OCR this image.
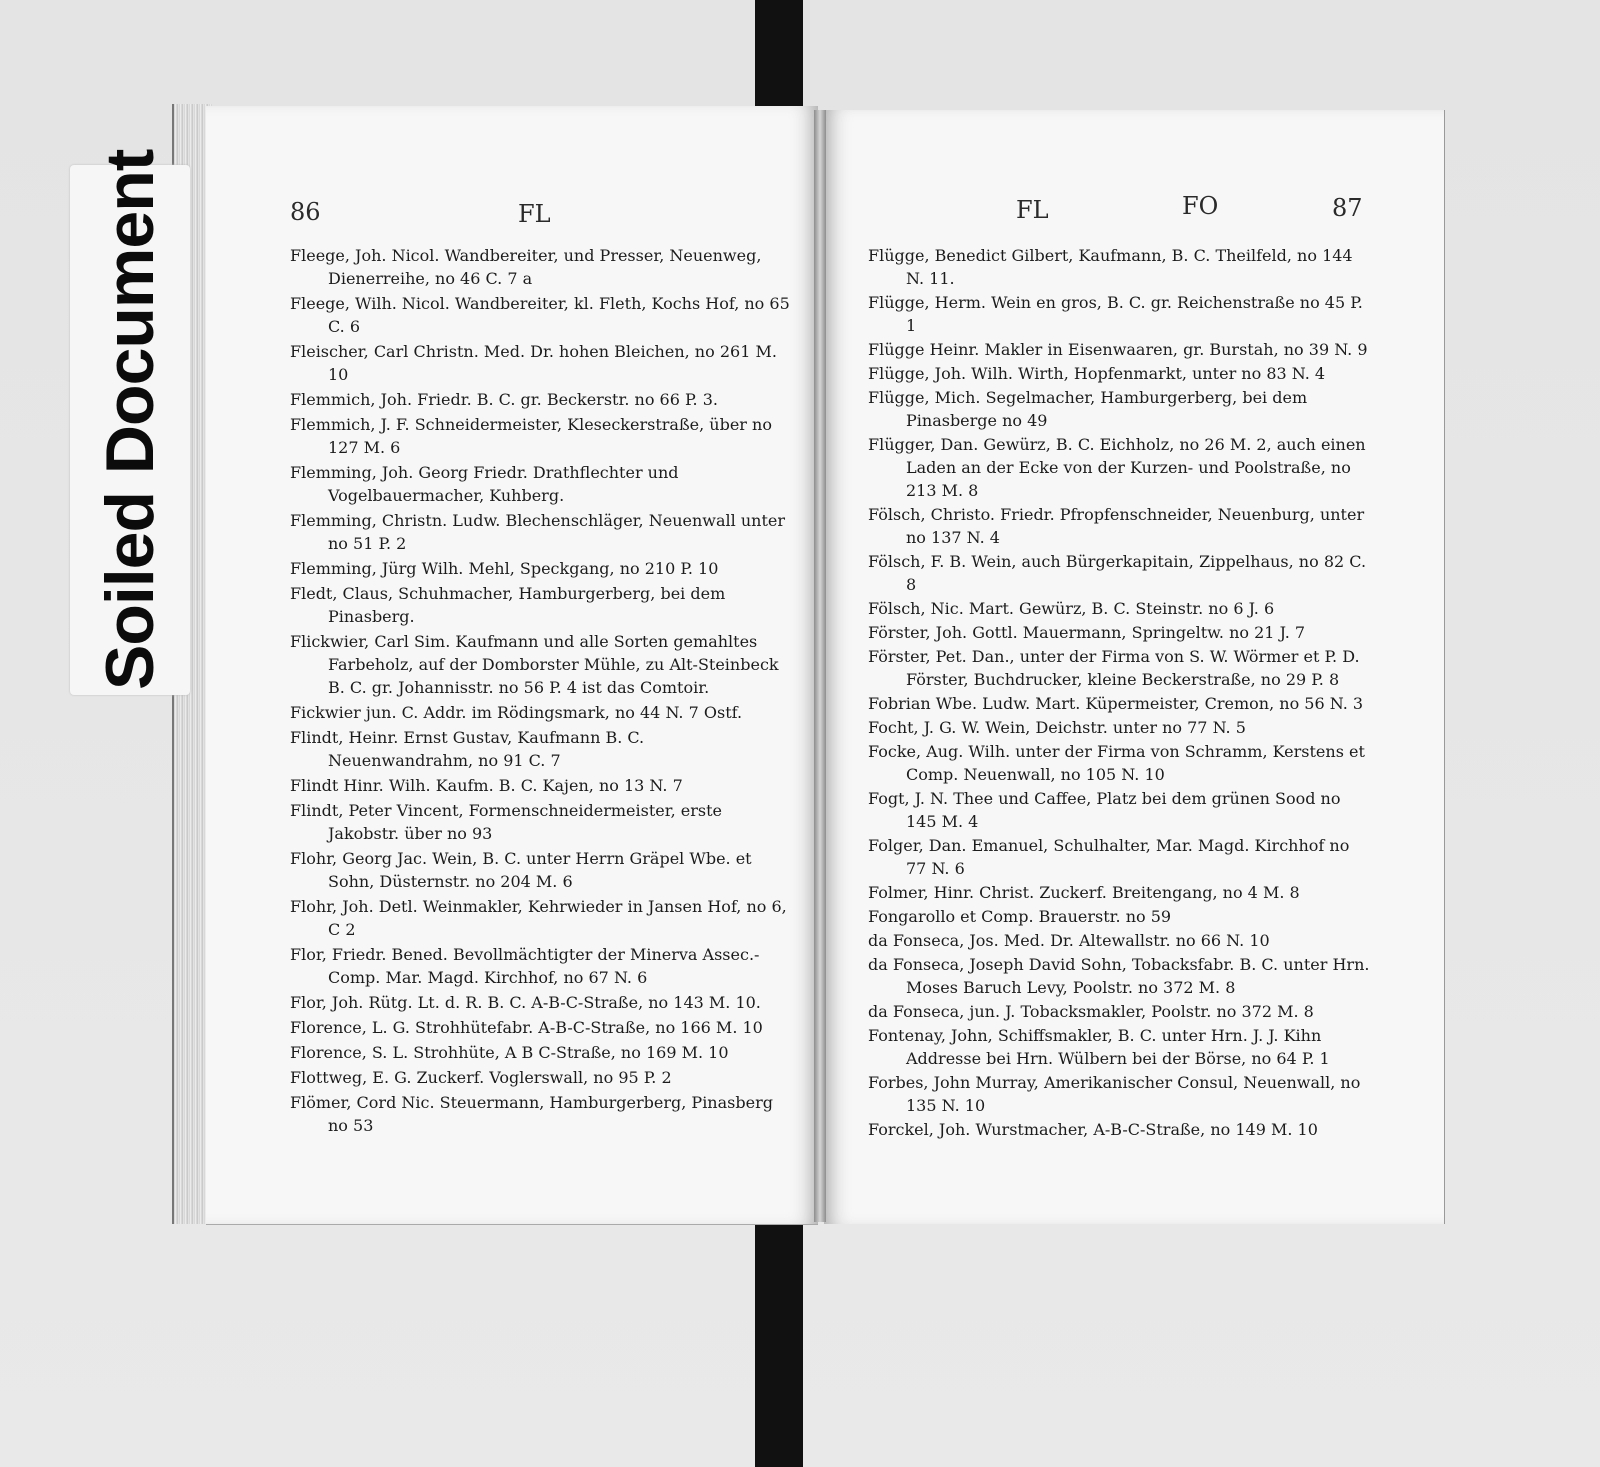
Soiled Document	86	FL	FL	FO	87
Fleege, Joh. Nicol. Wandbereiter, und Presser, Neuenweg, Dienerreihe, no 46 C. 7 a
Fleege, Wilh. Nicol. Wandbereiter, kl. Fleth, Kochs Hof, no 65 C. 6
Fleischer, Carl Christn. Med. Dr. hohen Bleichen, no 261 M. 10
Flemmich, Joh. Friedr. B. C. gr. Beckerstr. no 66 P. 3.
Flemmich, J. F. Schneidermeister, Kleseckerstraße, über no 127 M. 6
Flemming, Joh. Georg Friedr. Drathflechter und Vogelbauermacher, Kuhberg.
Flemming, Christn. Ludw. Blechenschläger, Neuenwall unter no 51 P. 2
Flemming, Jürg Wilh. Mehl, Speckgang, no 210 P. 10
Fledt, Claus, Schuhmacher, Hamburgerberg, bei dem Pinasberg.
Flickwier, Carl Sim. Kaufmann und alle Sorten gemahltes Farbeholz, auf der Domborster Mühle, zu Alt-Steinbeck B. C. gr. Johannisstr. no 56 P. 4 ist das Comtoir.
Fickwier jun. C. Addr. im Rödingsmark, no 44 N. 7 Ostf.
Flindt, Heinr. Ernst Gustav, Kaufmann B. C. Neuenwandrahm, no 91 C. 7
Flindt Hinr. Wilh. Kaufm. B. C. Kajen, no 13 N. 7
Flindt, Peter Vincent, Formenschneidermeister, erste Jakobstr. über no 93
Flohr, Georg Jac. Wein, B. C. unter Herrn Gräpel Wbe. et Sohn, Düsternstr. no 204 M. 6
Flohr, Joh. Detl. Weinmakler, Kehrwieder in Jansen Hof, no 6, C 2
Flor, Friedr. Bened. Bevollmächtigter der Minerva Assec.-Comp. Mar. Magd. Kirchhof, no 67 N. 6
Flor, Joh. Rütg. Lt. d. R. B. C. A-B-C-Straße, no 143 M. 10.
Florence, L. G. Strohhütefabr. A-B-C-Straße, no 166 M. 10
Florence, S. L. Strohhüte, A B C-Straße, no 169 M. 10
Flottweg, E. G. Zuckerf. Voglerswall, no 95 P. 2
Flömer, Cord Nic. Steuermann, Hamburgerberg, Pinasberg no 53
Flügge, Benedict Gilbert, Kaufmann, B. C. Theilfeld, no 144 N. 11.
Flügge, Herm. Wein en gros, B. C. gr. Reichenstraße no 45 P. 1
Flügge Heinr. Makler in Eisenwaaren, gr. Burstah, no 39 N. 9
Flügge, Joh. Wilh. Wirth, Hopfenmarkt, unter no 83 N. 4
Flügge, Mich. Segelmacher, Hamburgerberg, bei dem Pinasberge no 49
Flügger, Dan. Gewürz, B. C. Eichholz, no 26 M. 2, auch einen Laden an der Ecke von der Kurzen- und Poolstraße, no 213 M. 8
Fölsch, Christo. Friedr. Pfropfenschneider, Neuenburg, unter no 137 N. 4
Fölsch, F. B. Wein, auch Bürgerkapitain, Zippelhaus, no 82 C. 8
Fölsch, Nic. Mart. Gewürz, B. C. Steinstr. no 6 J. 6
Förster, Joh. Gottl. Mauermann, Springeltw. no 21 J. 7
Förster, Pet. Dan., unter der Firma von S. W. Wörmer et P. D. Förster, Buchdrucker, kleine Beckerstraße, no 29 P. 8
Fobrian Wbe. Ludw. Mart. Küpermeister, Cremon, no 56 N. 3
Focht, J. G. W. Wein, Deichstr. unter no 77 N. 5
Focke, Aug. Wilh. unter der Firma von Schramm, Kerstens et Comp. Neuenwall, no 105 N. 10
Fogt, J. N. Thee und Caffee, Platz bei dem grünen Sood no 145 M. 4
Folger, Dan. Emanuel, Schulhalter, Mar. Magd. Kirchhof no 77 N. 6
Folmer, Hinr. Christ. Zuckerf. Breitengang, no 4 M. 8
Fongarollo et Comp. Brauerstr. no 59
da Fonseca, Jos. Med. Dr. Altewallstr. no 66 N. 10
da Fonseca, Joseph David Sohn, Tobacksfabr. B. C. unter Hrn. Moses Baruch Levy, Poolstr. no 372 M. 8
da Fonseca, jun. J. Tobacksmakler, Poolstr. no 372 M. 8
Fontenay, John, Schiffsmakler, B. C. unter Hrn. J. J. Kihn Addresse bei Hrn. Wülbern bei der Börse, no 64 P. 1
Forbes, John Murray, Amerikanischer Consul, Neuenwall, no 135 N. 10
Forckel, Joh. Wurstmacher, A-B-C-Straße, no 149 M. 10
